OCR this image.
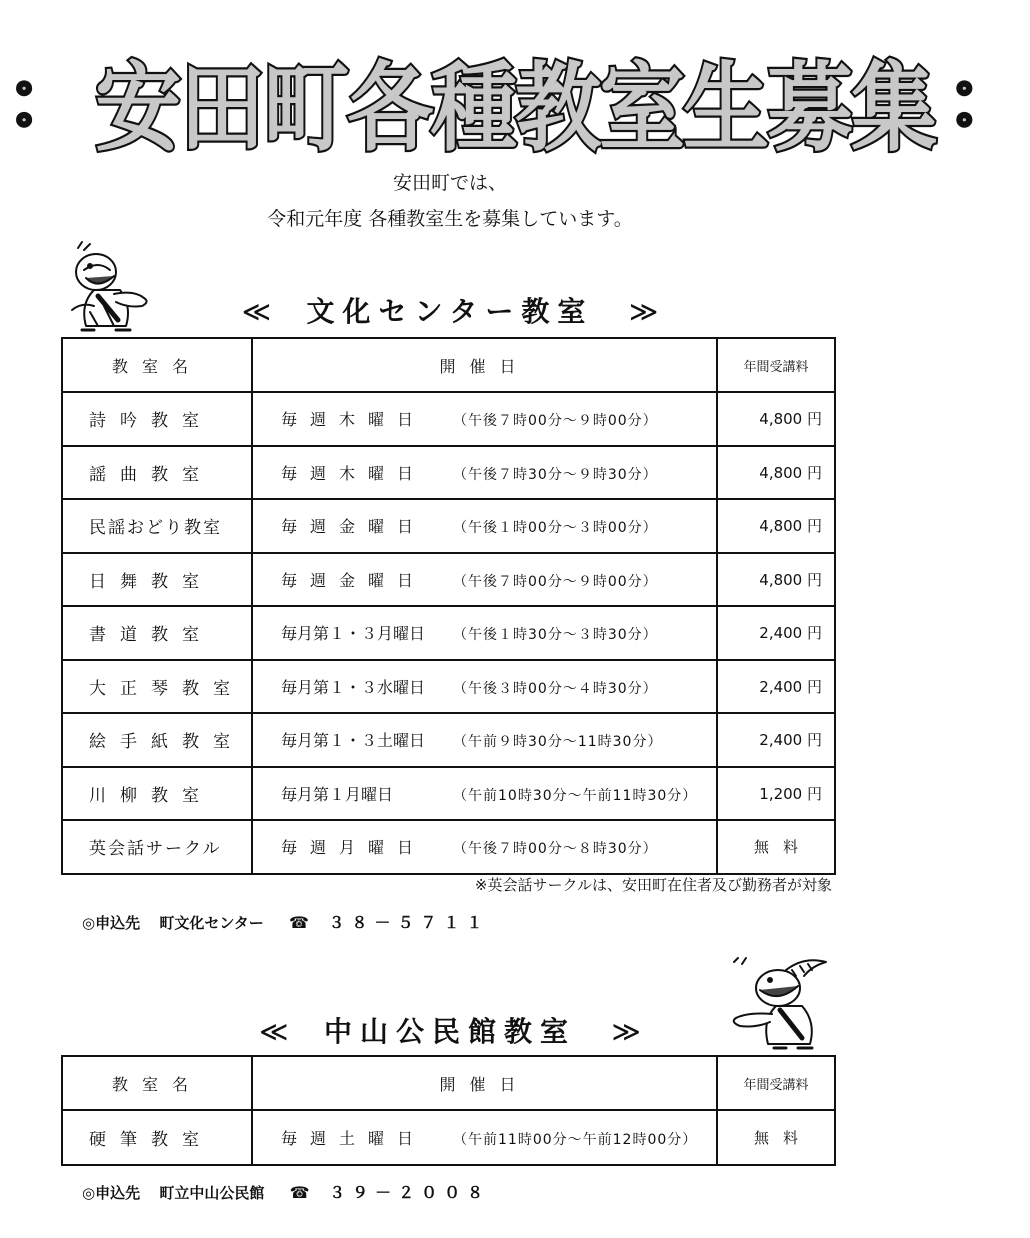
： 安田町各種教室生募集 ：
安田町では、
令和元年度 各種教室生を募集しています。
≪ 文化センター教室 ≫
教室名	開催日	年間受講料
詩吟教室	毎週木曜日 （午後７時00分～９時00分）	4,800 円
謡曲教室	毎週木曜日 （午後７時30分～９時30分）	4,800 円
民謡おどり教室	毎週金曜日 （午後１時00分～３時00分）	4,800 円
日舞教室	毎週金曜日 （午後７時00分～９時00分）	4,800 円
書道教室	毎月第１・３月曜日 （午後１時30分～３時30分）	2,400 円
大正琴教室	毎月第１・３水曜日 （午後３時00分～４時30分）	2,400 円
絵手紙教室	毎月第１・３土曜日 （午前９時30分～11時30分）	2,400 円
川柳教室	毎月第１月曜日 （午前10時30分～午前11時30分）	1,200 円
英会話サークル	毎週月曜日 （午後７時00分～８時30分）	無料
※英会話サークルは、安田町在住者及び勤務者が対象
◎申込先 町文化センター ☎ ３８－５７１１
≪ 中山公民館教室 ≫
教室名	開催日	年間受講料
硬筆教室	毎週土曜日 （午前11時00分～午前12時00分）	無料
◎申込先 町立中山公民館 ☎ ３９－２００８
